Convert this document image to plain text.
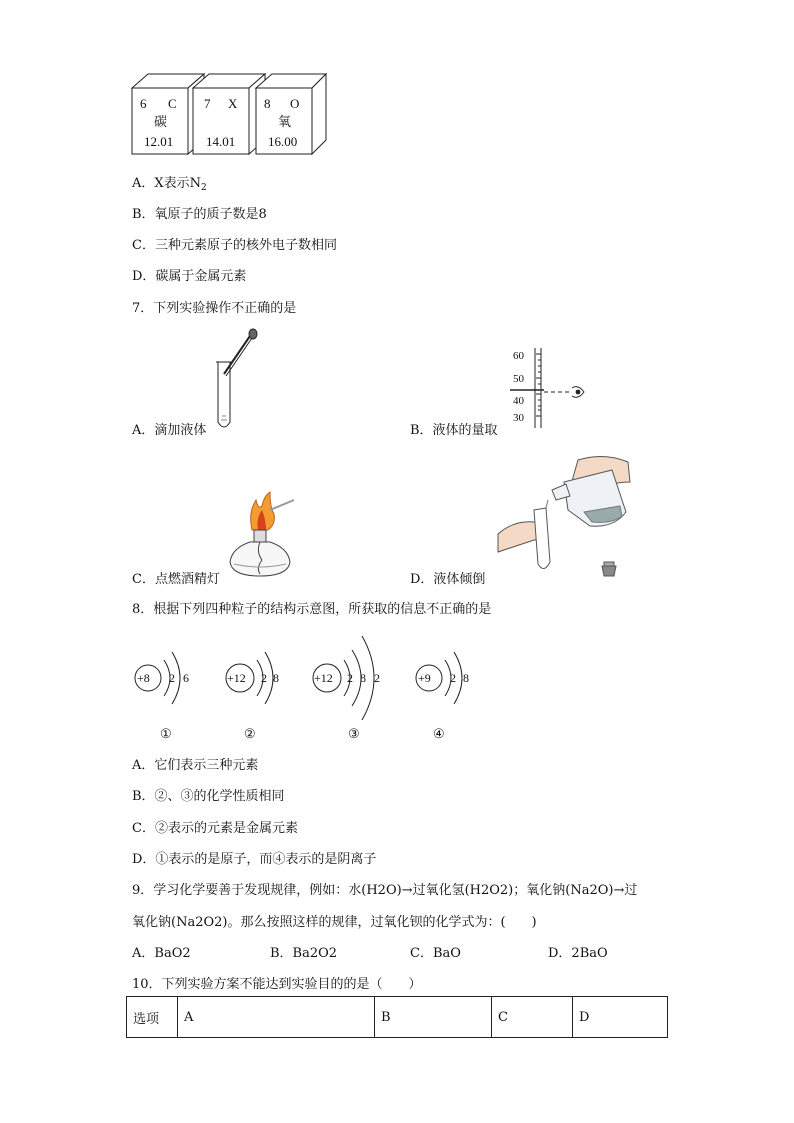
6 C
碳
12.01
7 X
14.01
8 O
氧
16.00
A．X表示$N_2$
B．氧原子的质子数是8
C．三种元素原子的核外电子数相同
D．碳属于金属元素
7．下列实验操作不正确的是
A．滴加液体
60
50
40
30
B．液体的量取
C．点燃酒精灯	D．液体倾倒
8．根据下列四种粒子的结构示意图，所获取的信息不正确的是
+8 2 6	+12 2 8	+12 2 8 2	+9 2 8
①	②	③	④
A．它们表示三种元素
B．②、③的化学性质相同
C．②表示的元素是金属元素
D．①表示的是原子，而④表示的是阴离子
9．学习化学要善于发现规律，例如：水(H2O)→过氧化氢(H2O2)；氧化钠(Na2O)→过
氧化钠(Na2O2)。那么按照这样的规律，过氧化钡的化学式为：(　　)
A．BaO2	B．Ba2O2	C．BaO	D．2BaO
10．下列实验方案不能达到实验目的的是（　　）
选项	A	B	C	D
